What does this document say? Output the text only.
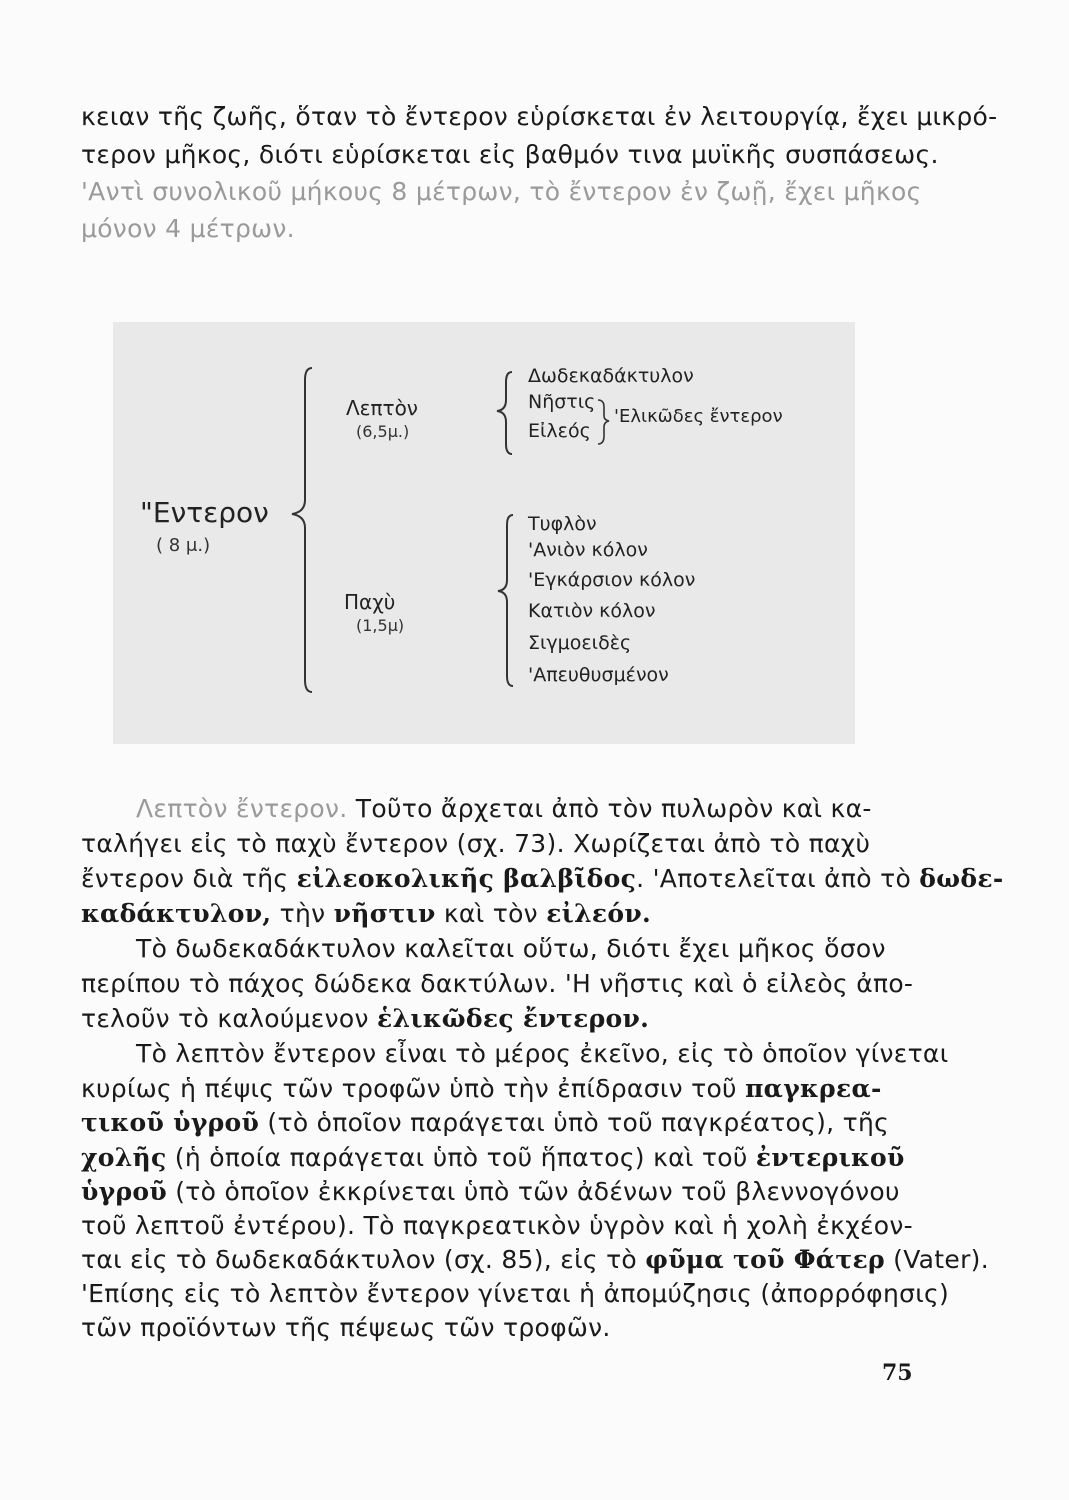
κειαν τῆς ζωῆς, ὅταν τὸ ἔντερον εὑρίσκεται ἐν λειτουργίᾳ, ἔχει μικρό-
τερον μῆκος, διότι εὑρίσκεται εἰς βαθμόν τινα μυϊκῆς συσπάσεως.
'Αντὶ συνολικοῦ μήκους 8 μέτρων, τὸ ἔντερον ἐν ζωῇ, ἔχει μῆκος
μόνον 4 μέτρων.
"Εντερον
( 8 μ.)
Λεπτὸν
(6,5μ.)
Παχὺ
(1,5μ)
Δωδεκαδάκτυλον
Νῆστις
Εἰλεός
'Ελικῶδες ἔντερον
Τυφλὸν
'Ανιὸν κόλον
'Εγκάρσιον κόλον
Κατιὸν κόλον
Σιγμοειδὲς
'Απευθυσμένον
Λεπτὸν ἔντερον. Τοῦτο ἄρχεται ἀπὸ τὸν πυλωρὸν καὶ κα-
ταλήγει εἰς τὸ παχὺ ἔντερον (σχ. 73). Χωρίζεται ἀπὸ τὸ παχὺ
ἔντερον διὰ τῆς εἰλεοκολικῆς βαλβῖδος. 'Αποτελεῖται ἀπὸ τὸ δωδε-
καδάκτυλον, τὴν νῆστιν καὶ τὸν εἰλεόν.
Τὸ δωδεκαδάκτυλον καλεῖται οὕτω, διότι ἔχει μῆκος ὅσον
περίπου τὸ πάχος δώδεκα δακτύλων. 'Η νῆστις καὶ ὁ εἰλεὸς ἀπο-
τελοῦν τὸ καλούμενον ἑλικῶδες ἔντερον.
Τὸ λεπτὸν ἔντερον εἶναι τὸ μέρος ἐκεῖνο, εἰς τὸ ὁποῖον γίνεται
κυρίως ἡ πέψις τῶν τροφῶν ὑπὸ τὴν ἐπίδρασιν τοῦ παγκρεα-
τικοῦ ὑγροῦ (τὸ ὁποῖον παράγεται ὑπὸ τοῦ παγκρέατος), τῆς
χολῆς (ἡ ὁποία παράγεται ὑπὸ τοῦ ἥπατος) καὶ τοῦ ἐντερικοῦ
ὑγροῦ (τὸ ὁποῖον ἐκκρίνεται ὑπὸ τῶν ἀδένων τοῦ βλεννογόνου
τοῦ λεπτοῦ ἐντέρου). Τὸ παγκρεατικὸν ὑγρὸν καὶ ἡ χολὴ ἐκχέον-
ται εἰς τὸ δωδεκαδάκτυλον (σχ. 85), εἰς τὸ φῦμα τοῦ Φάτερ (Vater).
'Επίσης εἰς τὸ λεπτὸν ἔντερον γίνεται ἡ ἀπομύζησις (ἀπορρόφησις)
τῶν προϊόντων τῆς πέψεως τῶν τροφῶν.
75
